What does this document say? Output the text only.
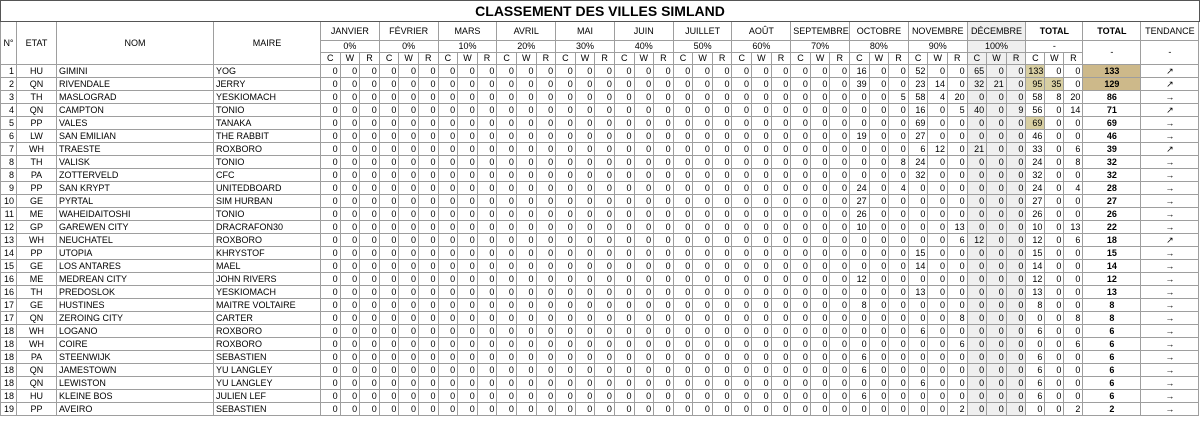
CLASSEMENT DES VILLES SIMLAND																																												
N°	ETAT	NOM	MAIRE	JANVIER			FÉVRIER			MARS			AVRIL			MAI			JUIN			JUILLET			AOÛT			SEPTEMBRE			OCTOBRE			NOVEMBRE			DÉCEMBRE			TOTAL			TOTAL	TENDANCE
				0%			0%			10%			20%			30%			40%			50%			60%			70%			80%			90%			100%			-			-	-
				C	W	R	C	W	R	C	W	R	C	W	R	C	W	R	C	W	R	C	W	R	C	W	R	C	W	R	C	W	R	C	W	R	C	W	R	C	W	R		
1	HU	GIMINI	YOG	0	0	0	0	0	0	0	0	0	0	0	0	0	0	0	0	0	0	0	0	0	0	0	0	0	0	0	16	0	0	52	0	0	65	0	0	133	0	0	133	↗
2	QN	RIVENDALE	JERRY	0	0	0	0	0	0	0	0	0	0	0	0	0	0	0	0	0	0	0	0	0	0	0	0	0	0	0	39	0	0	23	14	0	32	21	0	95	35	0	129	↗
3	TH	MASLOGRAD	YESKIOMACH	0	0	0	0	0	0	0	0	0	0	0	0	0	0	0	0	0	0	0	0	0	0	0	0	0	0	0	0	0	5	58	4	20	0	0	0	58	8	20	86	→
4	QN	CAMPTON	TONIO	0	0	0	0	0	0	0	0	0	0	0	0	0	0	0	0	0	0	0	0	0	0	0	0	0	0	0	0	0	0	16	0	5	40	0	9	56	0	14	71	↗
5	PP	VALES	TANAKA	0	0	0	0	0	0	0	0	0	0	0	0	0	0	0	0	0	0	0	0	0	0	0	0	0	0	0	0	0	0	69	0	0	0	0	0	69	0	0	69	→
6	LW	SAN EMILIAN	THE RABBIT	0	0	0	0	0	0	0	0	0	0	0	0	0	0	0	0	0	0	0	0	0	0	0	0	0	0	0	19	0	0	27	0	0	0	0	0	46	0	0	46	→
7	WH	TRAESTE	ROXBORO	0	0	0	0	0	0	0	0	0	0	0	0	0	0	0	0	0	0	0	0	0	0	0	0	0	0	0	0	0	0	6	12	0	21	0	0	33	0	6	39	↗
8	TH	VALISK	TONIO	0	0	0	0	0	0	0	0	0	0	0	0	0	0	0	0	0	0	0	0	0	0	0	0	0	0	0	0	0	8	24	0	0	0	0	0	24	0	8	32	→
8	PA	ZOTTERVELD	CFC	0	0	0	0	0	0	0	0	0	0	0	0	0	0	0	0	0	0	0	0	0	0	0	0	0	0	0	0	0	0	32	0	0	0	0	0	32	0	0	32	→
9	PP	SAN KRYPT	UNITEDBOARD	0	0	0	0	0	0	0	0	0	0	0	0	0	0	0	0	0	0	0	0	0	0	0	0	0	0	0	24	0	4	0	0	0	0	0	0	24	0	4	28	→
10	GE	PYRTAL	SIM HURBAN	0	0	0	0	0	0	0	0	0	0	0	0	0	0	0	0	0	0	0	0	0	0	0	0	0	0	0	27	0	0	0	0	0	0	0	0	27	0	0	27	→
11	ME	WAHEIDAITOSHI	TONIO	0	0	0	0	0	0	0	0	0	0	0	0	0	0	0	0	0	0	0	0	0	0	0	0	0	0	0	26	0	0	0	0	0	0	0	0	26	0	0	26	→
12	GP	GAREWEN CITY	DRACRAFON30	0	0	0	0	0	0	0	0	0	0	0	0	0	0	0	0	0	0	0	0	0	0	0	0	0	0	0	10	0	0	0	0	13	0	0	0	10	0	13	22	→
13	WH	NEUCHATEL	ROXBORO	0	0	0	0	0	0	0	0	0	0	0	0	0	0	0	0	0	0	0	0	0	0	0	0	0	0	0	0	0	0	0	0	6	12	0	0	12	0	6	18	↗
14	PP	UTOPIA	KHRYSTOF	0	0	0	0	0	0	0	0	0	0	0	0	0	0	0	0	0	0	0	0	0	0	0	0	0	0	0	0	0	0	15	0	0	0	0	0	15	0	0	15	→
15	GE	LOS ANTARES	MAEL	0	0	0	0	0	0	0	0	0	0	0	0	0	0	0	0	0	0	0	0	0	0	0	0	0	0	0	0	0	0	14	0	0	0	0	0	14	0	0	14	→
16	ME	MEDREAN CITY	JOHN RIVERS	0	0	0	0	0	0	0	0	0	0	0	0	0	0	0	0	0	0	0	0	0	0	0	0	0	0	0	12	0	0	0	0	0	0	0	0	12	0	0	12	→
16	TH	PREDOSLOK	YESKIOMACH	0	0	0	0	0	0	0	0	0	0	0	0	0	0	0	0	0	0	0	0	0	0	0	0	0	0	0	0	0	0	13	0	0	0	0	0	13	0	0	13	→
17	GE	HUSTINES	MAITRE VOLTAIRE	0	0	0	0	0	0	0	0	0	0	0	0	0	0	0	0	0	0	0	0	0	0	0	0	0	0	0	8	0	0	0	0	0	0	0	0	8	0	0	8	→
17	QN	ZEROING CITY	CARTER	0	0	0	0	0	0	0	0	0	0	0	0	0	0	0	0	0	0	0	0	0	0	0	0	0	0	0	0	0	0	0	0	8	0	0	0	0	0	8	8	→
18	WH	LOGANO	ROXBORO	0	0	0	0	0	0	0	0	0	0	0	0	0	0	0	0	0	0	0	0	0	0	0	0	0	0	0	0	0	0	6	0	0	0	0	0	6	0	0	6	→
18	WH	COIRE	ROXBORO	0	0	0	0	0	0	0	0	0	0	0	0	0	0	0	0	0	0	0	0	0	0	0	0	0	0	0	0	0	0	0	0	6	0	0	0	0	0	6	6	→
18	PA	STEENWIJK	SEBASTIEN	0	0	0	0	0	0	0	0	0	0	0	0	0	0	0	0	0	0	0	0	0	0	0	0	0	0	0	6	0	0	0	0	0	0	0	0	6	0	0	6	→
18	QN	JAMESTOWN	YU LANGLEY	0	0	0	0	0	0	0	0	0	0	0	0	0	0	0	0	0	0	0	0	0	0	0	0	0	0	0	6	0	0	0	0	0	0	0	0	6	0	0	6	→
18	QN	LEWISTON	YU LANGLEY	0	0	0	0	0	0	0	0	0	0	0	0	0	0	0	0	0	0	0	0	0	0	0	0	0	0	0	0	0	0	6	0	0	0	0	0	6	0	0	6	→
18	HU	KLEINE BOS	JULIEN LEF	0	0	0	0	0	0	0	0	0	0	0	0	0	0	0	0	0	0	0	0	0	0	0	0	0	0	0	6	0	0	0	0	0	0	0	0	6	0	0	6	→
19	PP	AVEIRO	SEBASTIEN	0	0	0	0	0	0	0	0	0	0	0	0	0	0	0	0	0	0	0	0	0	0	0	0	0	0	0	0	0	0	0	0	2	0	0	0	0	0	2	2	→
